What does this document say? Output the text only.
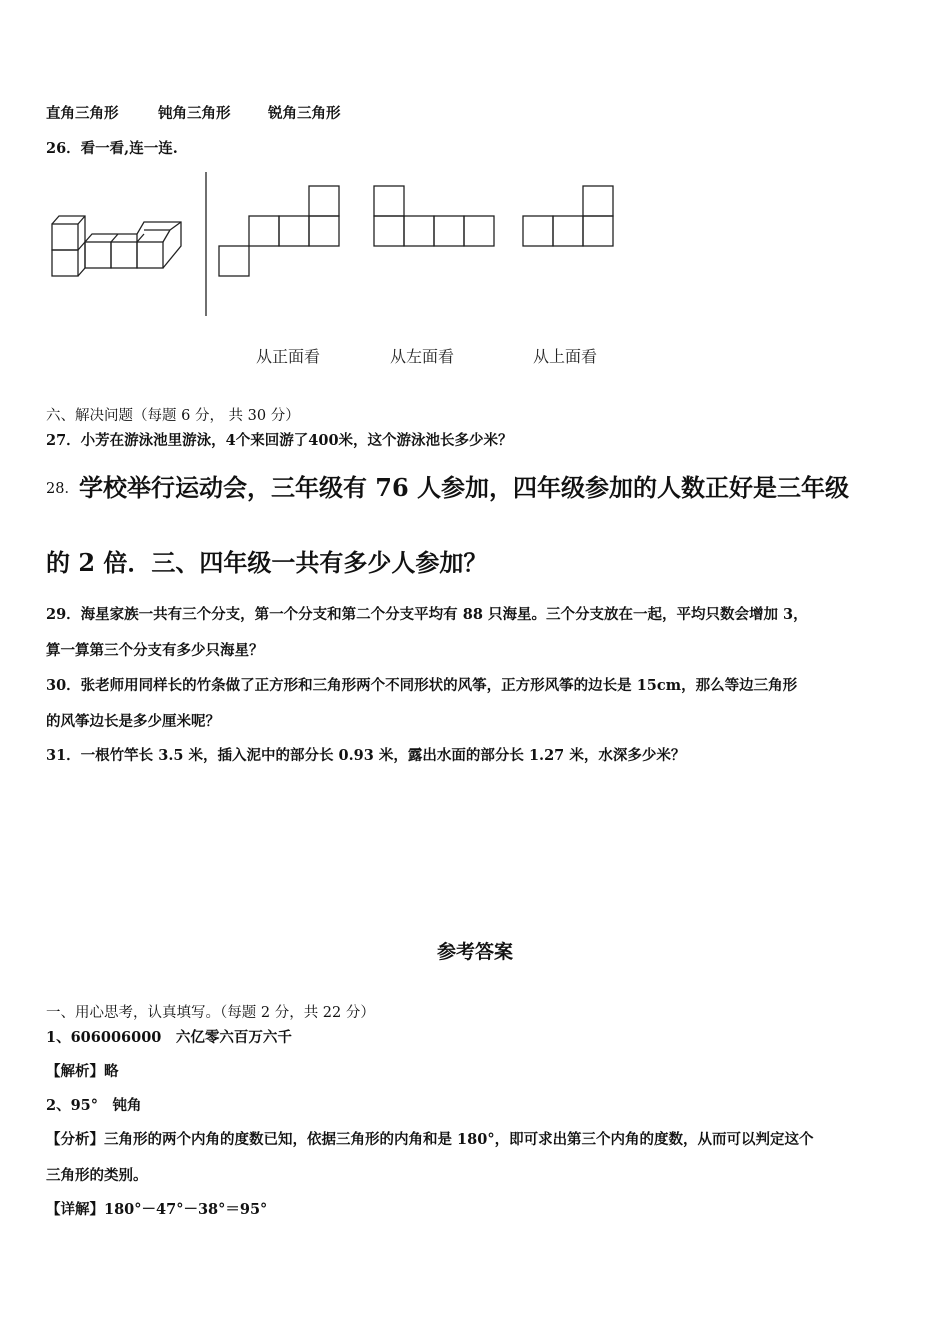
直角三角形	钝角三角形	锐角三角形
26．看一看,连一连.
从正面看	从左面看	从上面看
六、解决问题（每题 6 分， 共 30 分）
27．小芳在游泳池里游泳，4个来回游了400米，这个游泳池长多少米？
28．学校举行运动会，三年级有 76 人参加，四年级参加的人数正好是三年级
的 2 倍．三、四年级一共有多少人参加？
29．海星家族一共有三个分支，第一个分支和第二个分支平均有 88 只海星。三个分支放在一起，平均只数会增加 3，
算一算第三个分支有多少只海星？
30．张老师用同样长的竹条做了正方形和三角形两个不同形状的风筝，正方形风筝的边长是 15cm，那么等边三角形
的风筝边长是多少厘米呢？
31．一根竹竿长 3.5 米，插入泥中的部分长 0.93 米，露出水面的部分长 1.27 米，水深多少米？
参考答案
一、用心思考，认真填写。（每题 2 分，共 22 分）
1、606006000　六亿零六百万六千
【解析】略
2、95°　钝角
【分析】三角形的两个内角的度数已知，依据三角形的内角和是 180°，即可求出第三个内角的度数，从而可以判定这个
三角形的类别。
【详解】180°－47°－38°＝95°
